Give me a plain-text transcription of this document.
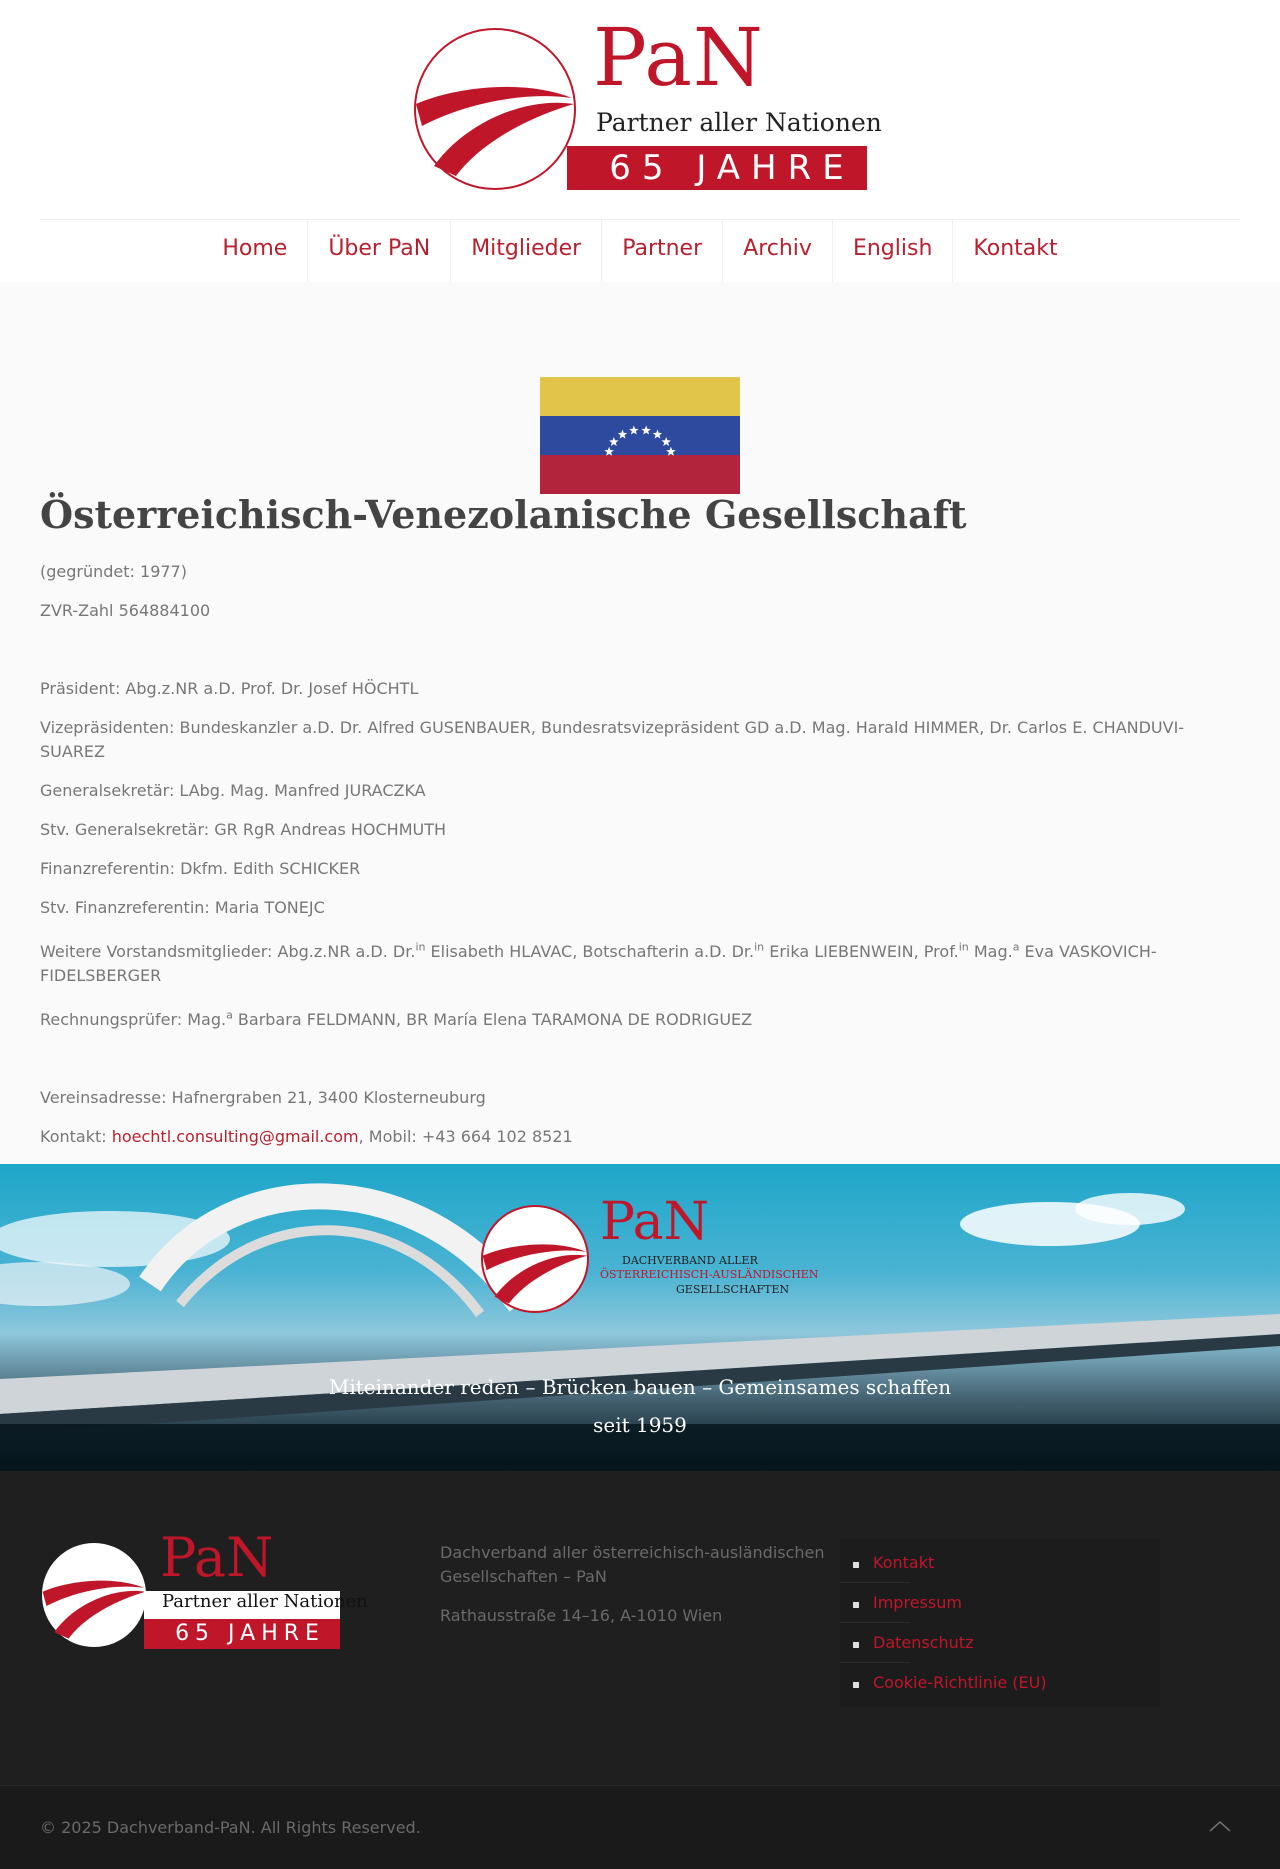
PaN
Partner aller Nationen
65 JAHRE
Home	Über PaN	Mitglieder	Partner	Archiv	English	Kontakt
Österreichisch-Venezolanische Gesellschaft

(gegründet: 1977)

ZVR-Zahl 564884100

Präsident: Abg.z.NR a.D. Prof. Dr. Josef HÖCHTL

Vizepräsidenten: Bundeskanzler a.D. Dr. Alfred GUSENBAUER, Bundesratsvizepräsident GD a.D. Mag. Harald HIMMER, Dr. Carlos E. CHANDUVI-SUAREZ

Generalsekretär: LAbg. Mag. Manfred JURACZKA

Stv. Generalsekretär: GR RgR Andreas HOCHMUTH

Finanzreferentin: Dkfm. Edith SCHICKER

Stv. Finanzreferentin: Maria TONEJC

Weitere Vorstandsmitglieder: Abg.z.NR a.D. Dr.$^{in}$ Elisabeth HLAVAC, Botschafterin a.D. Dr.$^{in}$ Erika LIEBENWEIN, Prof.$^{in}$ Mag.$^a$ Eva VASKOVICH-FIDELSBERGER

Rechnungsprüfer: Mag.$^a$ Barbara FELDMANN, BR María Elena TARAMONA DE RODRIGUEZ

Vereinsadresse: Hafnergraben 21, 3400 Klosterneuburg

Kontakt: hoechtl.consulting@gmail.com, Mobil: +43 664 102 8521

PaN
DACHVERBAND ALLER
ÖSTERREICHISCH-AUSLÄNDISCHEN
GESELLSCHAFTEN
Miteinander reden – Brücken bauen – Gemeinsames schaffen
seit 1959
PaN
Partner aller Nationen
65 JAHRE

Dachverband aller österreichisch-ausländischen Gesellschaften – PaN

Rathausstraße 14–16, A-1010 Wien

Kontakt
Impressum
Datenschutz
Cookie-Richtlinie (EU)
© 2025 Dachverband-PaN. All Rights Reserved.
